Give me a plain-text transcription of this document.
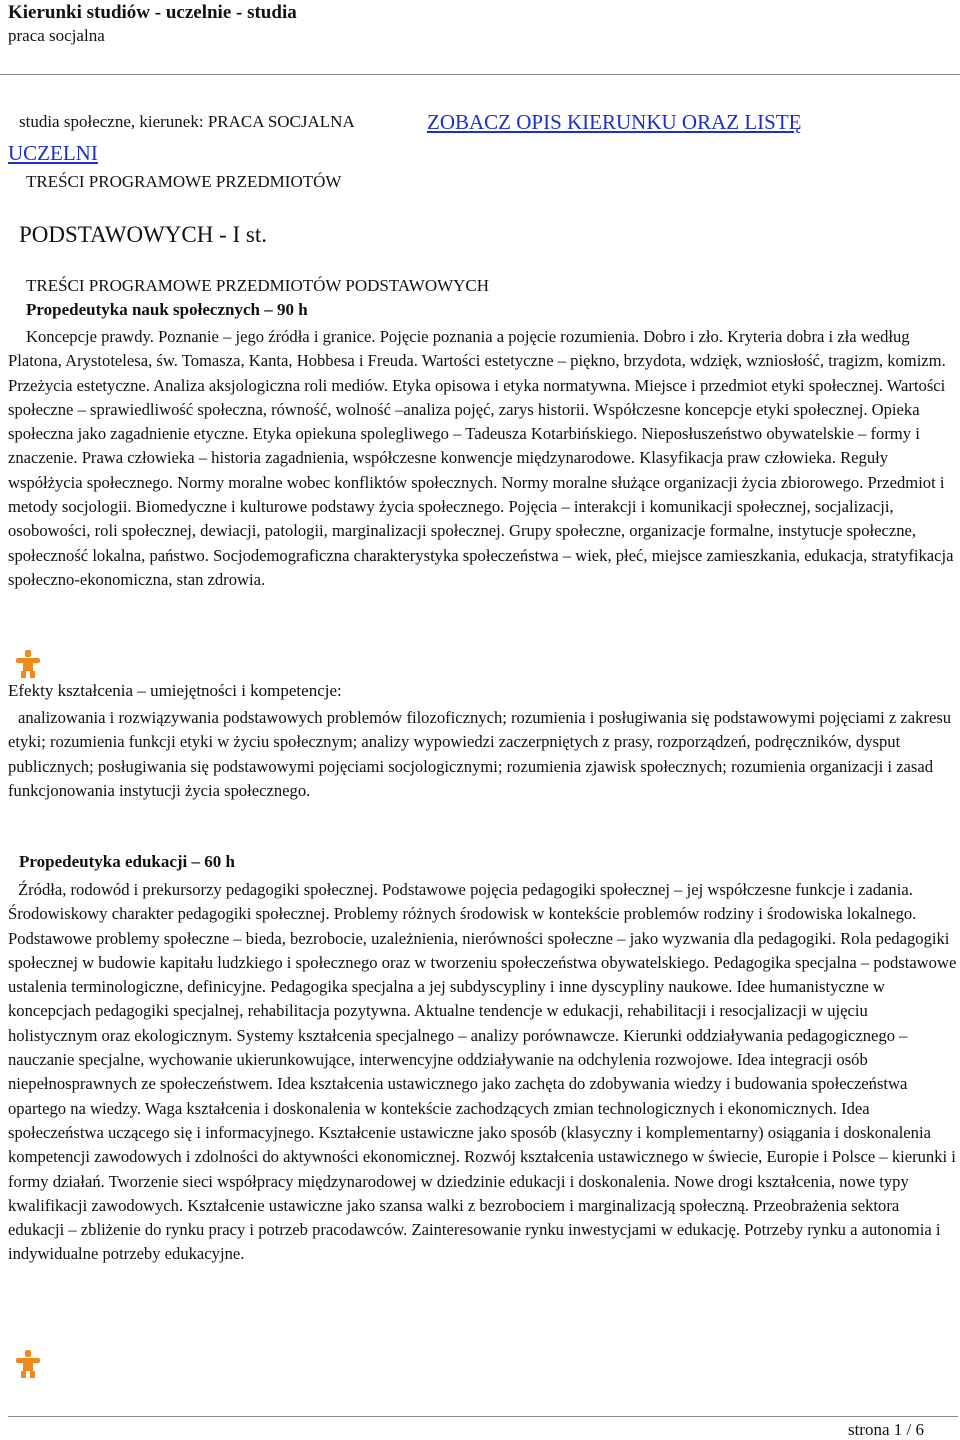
Kierunki studiów - uczelnie - studia
praca socjalna
studia społeczne, kierunek: PRACA SOCJALNA	ZOBACZ OPIS KIERUNKU ORAZ LISTĘ
UCZELNI
TREŚCI PROGRAMOWE PRZEDMIOTÓW
PODSTAWOWYCH - I st.
TREŚCI PROGRAMOWE PRZEDMIOTÓW PODSTAWOWYCH
Propedeutyka nauk społecznych – 90 h
Koncepcje prawdy. Poznanie – jego źródła i granice. Pojęcie poznania a pojęcie rozumienia. Dobro i zło. Kryteria dobra i zła według Platona, Arystotelesa, św. Tomasza, Kanta, Hobbesa i Freuda. Wartości estetyczne – piękno, brzydota, wdzięk, wzniosłość, tragizm, komizm. Przeżycia estetyczne. Analiza aksjologiczna roli mediów. Etyka opisowa i etyka normatywna. Miejsce i przedmiot etyki społecznej. Wartości społeczne – sprawiedliwość społeczna, równość, wolność –analiza pojęć, zarys historii. Współczesne koncepcje etyki społecznej. Opieka społeczna jako zagadnienie etyczne. Etyka opiekuna spolegliwego – Tadeusza Kotarbińskiego. Nieposłuszeństwo obywatelskie – formy i znaczenie. Prawa człowieka – historia zagadnienia, współczesne konwencje międzynarodowe. Klasyfikacja praw człowieka. Reguły współżycia społecznego. Normy moralne wobec konfliktów społecznych. Normy moralne służące organizacji życia zbiorowego. Przedmiot i metody socjologii. Biomedyczne i kulturowe podstawy życia społecznego. Pojęcia – interakcji i komunikacji społecznej, socjalizacji, osobowości, roli społecznej, dewiacji, patologii, marginalizacji społecznej. Grupy społeczne, organizacje formalne, instytucje społeczne, społeczność lokalna, państwo. Socjodemograficzna charakterystyka społeczeństwa – wiek, płeć, miejsce zamieszkania, edukacja, stratyfikacja społeczno-ekonomiczna, stan zdrowia.
Efekty kształcenia – umiejętności i kompetencje:
analizowania i rozwiązywania podstawowych problemów filozoficznych; rozumienia i posługiwania się podstawowymi pojęciami z zakresu etyki; rozumienia funkcji etyki w życiu społecznym; analizy wypowiedzi zaczerpniętych z prasy, rozporządzeń, podręczników, dysput publicznych; posługiwania się podstawowymi pojęciami socjologicznymi; rozumienia zjawisk społecznych; rozumienia organizacji i zasad funkcjonowania instytucji życia społecznego.
Propedeutyka edukacji – 60 h
Źródła, rodowód i prekursorzy pedagogiki społecznej. Podstawowe pojęcia pedagogiki społecznej – jej współczesne funkcje i zadania. Środowiskowy charakter pedagogiki społecznej. Problemy różnych środowisk w kontekście problemów rodziny i środowiska lokalnego. Podstawowe problemy społeczne – bieda, bezrobocie, uzależnienia, nierówności społeczne – jako wyzwania dla pedagogiki. Rola pedagogiki społecznej w budowie kapitału ludzkiego i społecznego oraz w tworzeniu społeczeństwa obywatelskiego. Pedagogika specjalna – podstawowe ustalenia terminologiczne, definicyjne. Pedagogika specjalna a jej subdyscypliny i inne dyscypliny naukowe. Idee humanistyczne w koncepcjach pedagogiki specjalnej, rehabilitacja pozytywna. Aktualne tendencje w edukacji, rehabilitacji i resocjalizacji w ujęciu holistycznym oraz ekologicznym. Systemy kształcenia specjalnego – analizy porównawcze. Kierunki oddziaływania pedagogicznego – nauczanie specjalne, wychowanie ukierunkowujące, interwencyjne oddziaływanie na odchylenia rozwojowe. Idea integracji osób niepełnosprawnych ze społeczeństwem. Idea kształcenia ustawicznego jako zachęta do zdobywania wiedzy i budowania społeczeństwa opartego na wiedzy. Waga kształcenia i doskonalenia w kontekście zachodzących zmian technologicznych i ekonomicznych. Idea społeczeństwa uczącego się i informacyjnego. Kształcenie ustawiczne jako sposób (klasyczny i komplementarny) osiągania i doskonalenia kompetencji zawodowych i zdolności do aktywności ekonomicznej. Rozwój kształcenia ustawicznego w świecie, Europie i Polsce – kierunki i formy działań. Tworzenie sieci współpracy międzynarodowej w dziedzinie edukacji i doskonalenia. Nowe drogi kształcenia, nowe typy kwalifikacji zawodowych. Kształcenie ustawiczne jako szansa walki z bezrobociem i marginalizacją społeczną. Przeobrażenia sektora edukacji – zbliżenie do rynku pracy i potrzeb pracodawców. Zainteresowanie rynku inwestycjami w edukację. Potrzeby rynku a autonomia i indywidualne potrzeby edukacyjne.
strona 1 / 6
